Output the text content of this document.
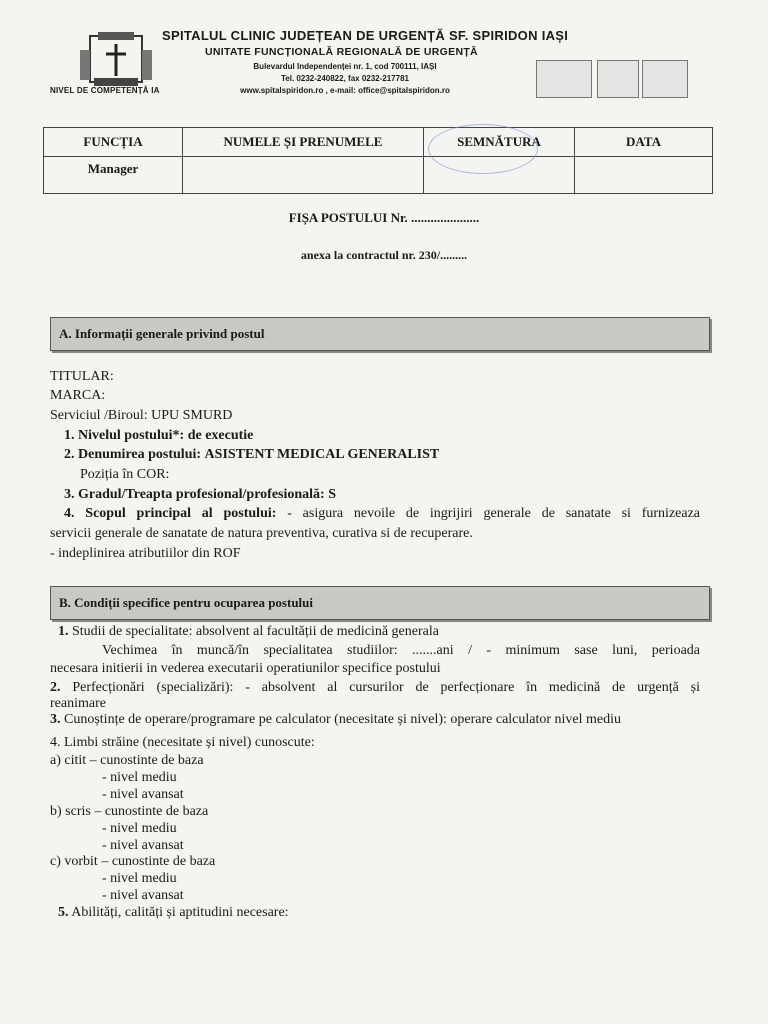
NIVEL DE COMPETENȚĂ IA
SPITALUL CLINIC JUDEȚEAN DE URGENȚĂ SF. SPIRIDON IAȘI
UNITATE FUNCȚIONALĂ REGIONALĂ DE URGENȚĂ
Bulevardul Independenței nr. 1, cod 700111, IAȘI
Tel. 0232-240822, fax 0232-217781
www.spitalspiridon.ro , e-mail: office@spitalspiridon.ro
FUNCȚIA	NUMELE ȘI PRENUMELE	SEMNĂTURA	DATA
Manager			
FIȘA POSTULUI Nr. .....................
anexa la contractul nr. 230/.........
A. Informații generale privind postul
TITULAR:
MARCA:
Serviciul /Biroul: UPU SMURD
1. Nivelul postului*: de executie
2. Denumirea postului: ASISTENT MEDICAL GENERALIST
Poziția în COR:
3. Gradul/Treapta profesional/profesională: S
4. Scopul principal al postului: - asigura nevoile de ingrijiri generale de sanatate si furnizeaza
servicii generale de sanatate de natura preventiva, curativa si de recuperare.
- indeplinirea atributiilor din ROF
B. Condiții specifice pentru ocuparea postului
1. Studii de specialitate: absolvent al facultății de medicină generala
Vechimea în muncă/în specialitatea studiilor: .......ani / - minimum sase luni, perioada
necesara initierii in vederea executarii operatiunilor specifice postului
2. Perfecționări (specializări): - absolvent al cursurilor de perfecționare în medicină de urgență și
reanimare
3. Cunoștințe de operare/programare pe calculator (necesitate și nivel): operare calculator nivel mediu
4. Limbi străine (necesitate și nivel) cunoscute:
a) citit – cunostinte de baza
- nivel mediu
- nivel avansat
b) scris – cunostinte de baza
- nivel mediu
- nivel avansat
c) vorbit – cunostinte de baza
- nivel mediu
- nivel avansat
5. Abilități, calități și aptitudini necesare:
